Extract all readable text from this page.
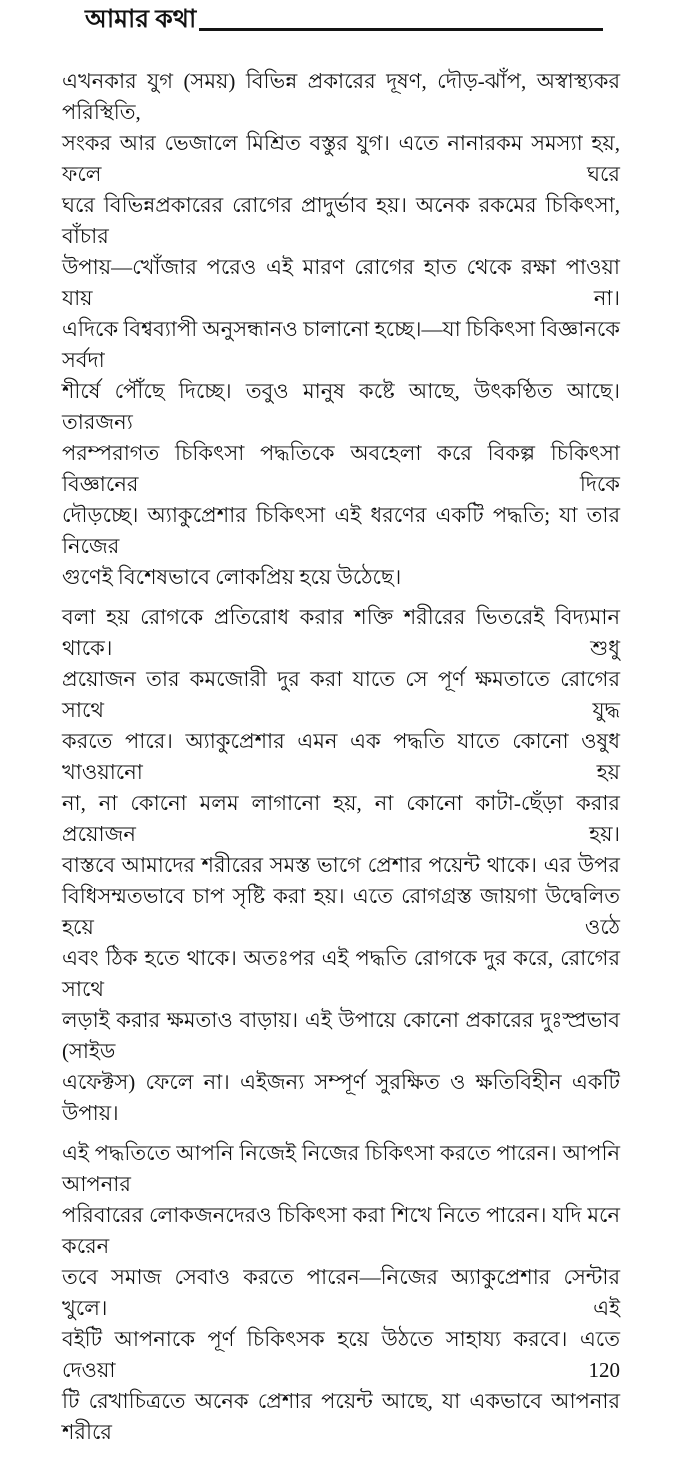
আমার কথা
এখনকার যুগ (সময়) বিভিন্ন প্রকারের দূষণ, দৌড়-ঝাঁপ, অস্বাস্থ্যকর পরিস্থিতি,
সংকর আর ভেজালে মিশ্রিত বস্তুর যুগ। এতে নানারকম সমস্যা হয়, ফলে ঘরে
ঘরে বিভিন্নপ্রকারের রোগের প্রাদুর্ভাব হয়। অনেক রকমের চিকিৎসা, বাঁচার
উপায়—খোঁজার পরেও এই মারণ রোগের হাত থেকে রক্ষা পাওয়া যায় না।
এদিকে বিশ্বব্যাপী অনুসন্ধানও চালানো হচ্ছে।—যা চিকিৎসা বিজ্ঞানকে সর্বদা
শীর্ষে পৌঁছে দিচ্ছে। তবুও মানুষ কষ্টে আছে, উৎকণ্ঠিত আছে। তারজন্য
পরম্পরাগত চিকিৎসা পদ্ধতিকে অবহেলা করে বিকল্প চিকিৎসা বিজ্ঞানের দিকে
দৌড়চ্ছে। অ্যাকুপ্রেশার চিকিৎসা এই ধরণের একটি পদ্ধতি; যা তার নিজের
গুণেই বিশেষভাবে লোকপ্রিয় হয়ে উঠেছে।
বলা হয় রোগকে প্রতিরোধ করার শক্তি শরীরের ভিতরেই বিদ্যমান থাকে। শুধু
প্রয়োজন তার কমজোরী দুর করা যাতে সে পূর্ণ ক্ষমতাতে রোগের সাথে যুদ্ধ
করতে পারে। অ্যাকুপ্রেশার এমন এক পদ্ধতি যাতে কোনো ওষুধ খাওয়ানো হয়
না, না কোনো মলম লাগানো হয়, না কোনো কাটা-ছেঁড়া করার প্রয়োজন হয়।
বাস্তবে আমাদের শরীরের সমস্ত ভাগে প্রেশার পয়েন্ট থাকে। এর উপর
বিধিসম্মতভাবে চাপ সৃষ্টি করা হয়। এতে রোগগ্রস্ত জায়গা উদ্বেলিত হয়ে ওঠে
এবং ঠিক হতে থাকে। অতঃপর এই পদ্ধতি রোগকে দুর করে, রোগের সাথে
লড়াই করার ক্ষমতাও বাড়ায়। এই উপায়ে কোনো প্রকারের দুঃস্প্রভাব (সাইড
এফেক্টস) ফেলে না। এইজন্য সম্পূর্ণ সুরক্ষিত ও ক্ষতিবিহীন একটি উপায়।
এই পদ্ধতিতে আপনি নিজেই নিজের চিকিৎসা করতে পারেন। আপনি আপনার
পরিবারের লোকজনদেরও চিকিৎসা করা শিখে নিতে পারেন। যদি মনে করেন
তবে সমাজ সেবাও করতে পারেন—নিজের অ্যাকুপ্রেশার সেন্টার খুলে। এই
বইটি আপনাকে পূর্ণ চিকিৎসক হয়ে উঠতে সাহায্য করবে। এতে দেওয়া 120
টি রেখাচিত্রতে অনেক প্রেশার পয়েন্ট আছে, যা একভাবে আপনার শরীরে
